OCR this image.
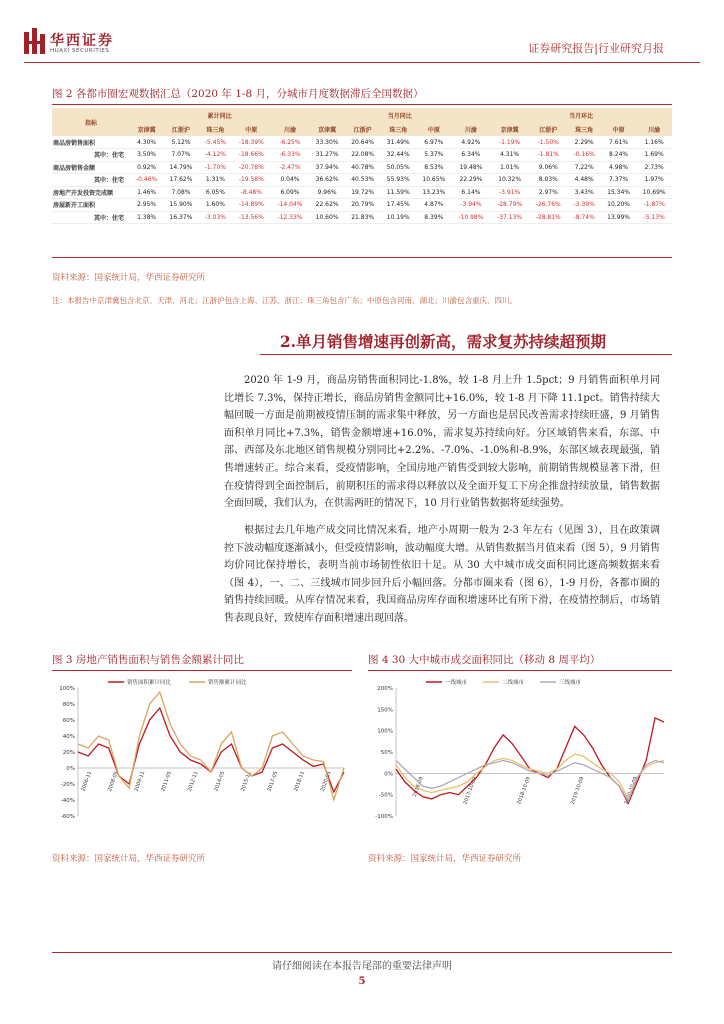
华西证券
HUAXI SECURITIES	证券研究报告|行业研究月报
图 2 各都市圈宏观数据汇总（2020 年 1-8 月，分城市月度数据滞后全国数据）
指标	累计同比					当月同比					当月环比				
	京津冀	江浙沪	珠三角	中原	川渝	京津冀	江浙沪	珠三角	中原	川渝	京津冀	江浙沪	珠三角	中原	川渝
商品房销售面积	4.30%	5.12%	-5.45%	-18.39%	-6.25%	33.30%	20.64%	31.49%	6.97%	4.92%	-1.19%	-1.50%	2.29%	7.61%	1.16%
其中：住宅	3.50%	7.07%	-4.12%	-18.66%	-6.33%	31.27%	22.08%	32.44%	5.37%	6.34%	4.31%	-1.81%	-0.16%	8.24%	1.69%
商品房销售金额	0.92%	14.79%	-1.70%	-20.78%	-2.47%	37.94%	40.78%	50.05%	8.53%	19.48%	1.01%	9.06%	7.22%	4.98%	2.73%
其中：住宅	-0.46%	17.62%	1.31%	-19.58%	0.04%	36.62%	40.53%	55.93%	10.65%	22.29%	10.32%	8.03%	4.48%	7.37%	1.97%
房地产开发投资完成额	1.46%	7.08%	6.05%	-8.48%	6.09%	9.96%	19.72%	11.59%	13.23%	6.14%	-3.91%	2.97%	3.43%	15.34%	10.69%
房屋新开工面积	2.95%	15.90%	1.60%	-14.89%	-14.04%	22.62%	20.79%	17.45%	4.87%	-3.94%	-28.79%	-26.76%	-3.39%	10.20%	-1.87%
其中：住宅	1.38%	16.37%	-3.03%	-13.56%	-12.33%	10.60%	21.83%	10.19%	8.39%	-10.98%	-37.13%	-28.81%	-8.74%	13.99%	-5.13%
资料来源：国家统计局，华西证券研究所
注：本报告中京津冀包含北京、天津、河北；江浙沪包含上海、江苏、浙江；珠三角包含广东；中原包含河南、湖北；川渝包含重庆、四川。
2.单月销售增速再创新高，需求复苏持续超预期
2020 年 1-9 月，商品房销售面积同比-1.8%，较 1-8 月上升 1.5pct；9 月销售面积单月同比增长 7.3%，保持正增长，商品房销售金额同比+16.0%，较 1-8 月下降 11.1pct。销售持续大幅回暖一方面是前期被疫情压制的需求集中释放，另一方面也是居民改善需求持续旺盛，9 月销售面积单月同比+7.3%，销售金额增速+16.0%，需求复苏持续向好。分区域销售来看，东部、中部、西部及东北地区销售规模分别同比+2.2%、-7.0%、-1.0%和-8.9%，东部区域表现最强，销售增速转正。综合来看，受疫情影响，全国房地产销售受到较大影响，前期销售规模显著下滑，但在疫情得到全面控制后，前期积压的需求得以释放以及全面开复工下房企推盘持续放量，销售数据全面回暖，我们认为，在供需两旺的情况下，10 月行业销售数据将延续强势。
根据过去几年地产成交同比情况来看，地产小周期一般为 2-3 年左右（见图 3），且在政策调控下波动幅度逐渐减小，但受疫情影响，波动幅度大增。从销售数据当月值来看（图 5），9 月销售均价同比保持增长，表明当前市场韧性依旧十足。从 30 大中城市成交面积同比逐高频数据来看（图 4），一、二、三线城市同步回升后小幅回落。分都市圈来看（图 6），1-9 月份，各都市圈的销售持续回暖。从库存情况来看，我国商品房库存面积增速环比有所下滑，在疫情控制后，市场销售表现良好，致使库存面积增速出现回落。
图 3 房地产销售面积与销售金额累计同比
100%
80%
60%
40%
20%
0%
-20%
-40%
-60%
2006-11	2008-05	2009-11	2011-05	2012-11	2014-05	2015-11	2017-05	2018-11	2020-05
销售面积累计同比	销售额累计同比
资料来源：国家统计局，华西证券研究所
图 4 30 大中城市成交面积同比（移动 8 周平均）
200%
150%
100%
50%
0%
-50%
-100%
2016-09	2017-10-09	2018-10-09	2019-10-09	2020-10-09
一线城市	二线城市	三线城市
资料来源：国家统计局，华西证券研究所
请仔细阅读在本报告尾部的重要法律声明
5
